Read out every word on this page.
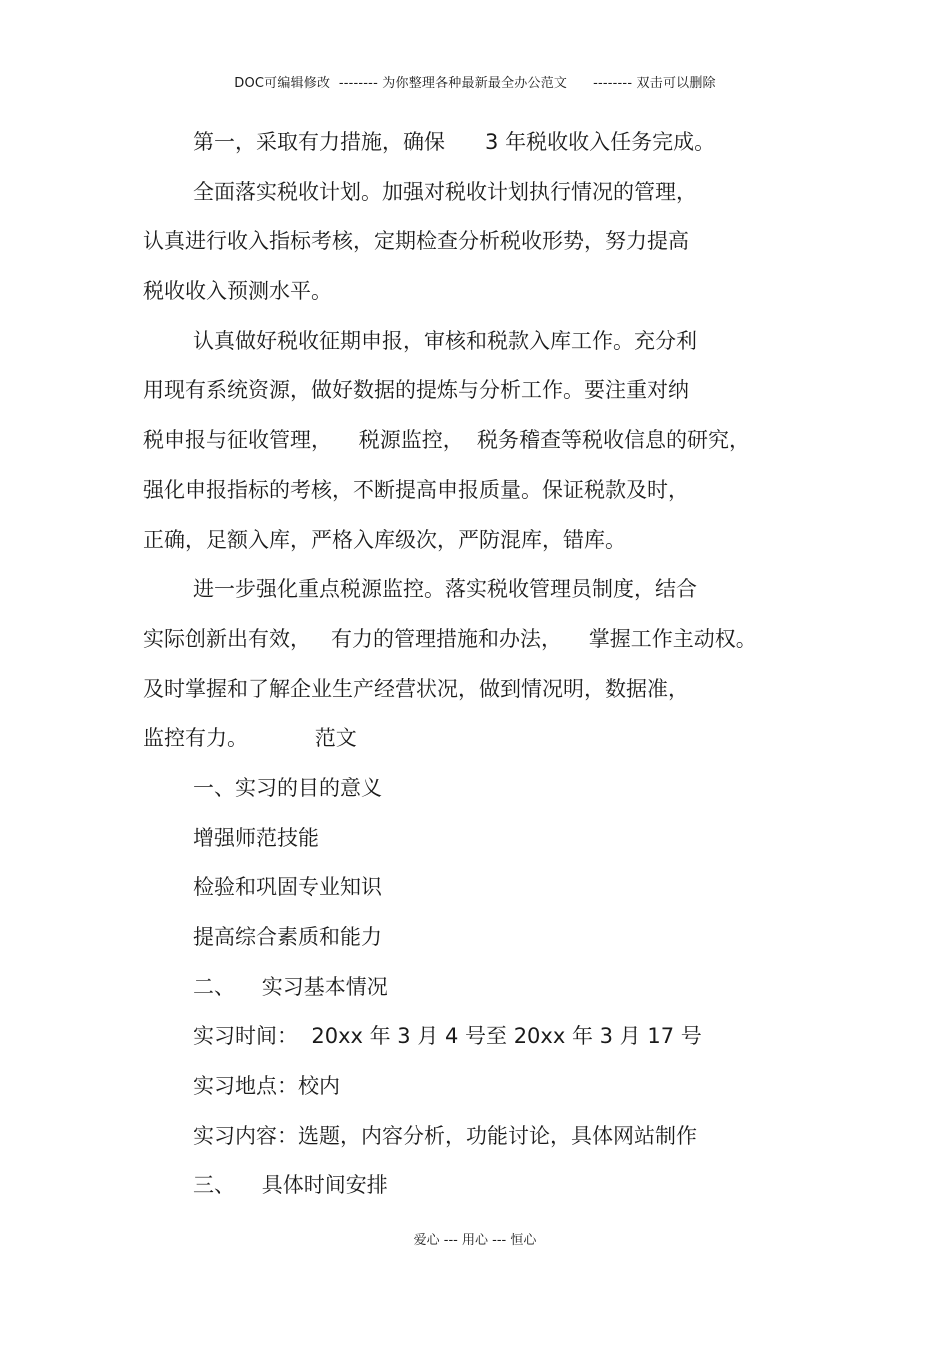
DOC可编辑修改  -------- 为你整理各种最新最全办公范文      -------- 双击可以删除
第一，采取有力措施，确保      3 年税收收入任务完成。
全面落实税收计划。加强对税收计划执行情况的管理，
认真进行收入指标考核，定期检查分析税收形势，努力提高
税收收入预测水平。
认真做好税收征期申报，审核和税款入库工作。充分利
用现有系统资源，做好数据的提炼与分析工作。要注重对纳
税申报与征收管理，    税源监控，  税务稽查等税收信息的研究，
强化申报指标的考核，不断提高申报质量。保证税款及时，
正确，足额入库，严格入库级次，严防混库，错库。
进一步强化重点税源监控。落实税收管理员制度，结合
实际创新出有效，   有力的管理措施和办法，    掌握工作主动权。
及时掌握和了解企业生产经营状况，做到情况明，数据准，
监控有力。          范文
一、实习的目的意义
增强师范技能
检验和巩固专业知识
提高综合素质和能力
二、    实习基本情况
实习时间：  20xx 年 3 月 4 号至 20xx 年 3 月 17 号
实习地点：校内
实习内容：选题，内容分析，功能讨论，具体网站制作
三、    具体时间安排
爱心 --- 用心 --- 恒心
